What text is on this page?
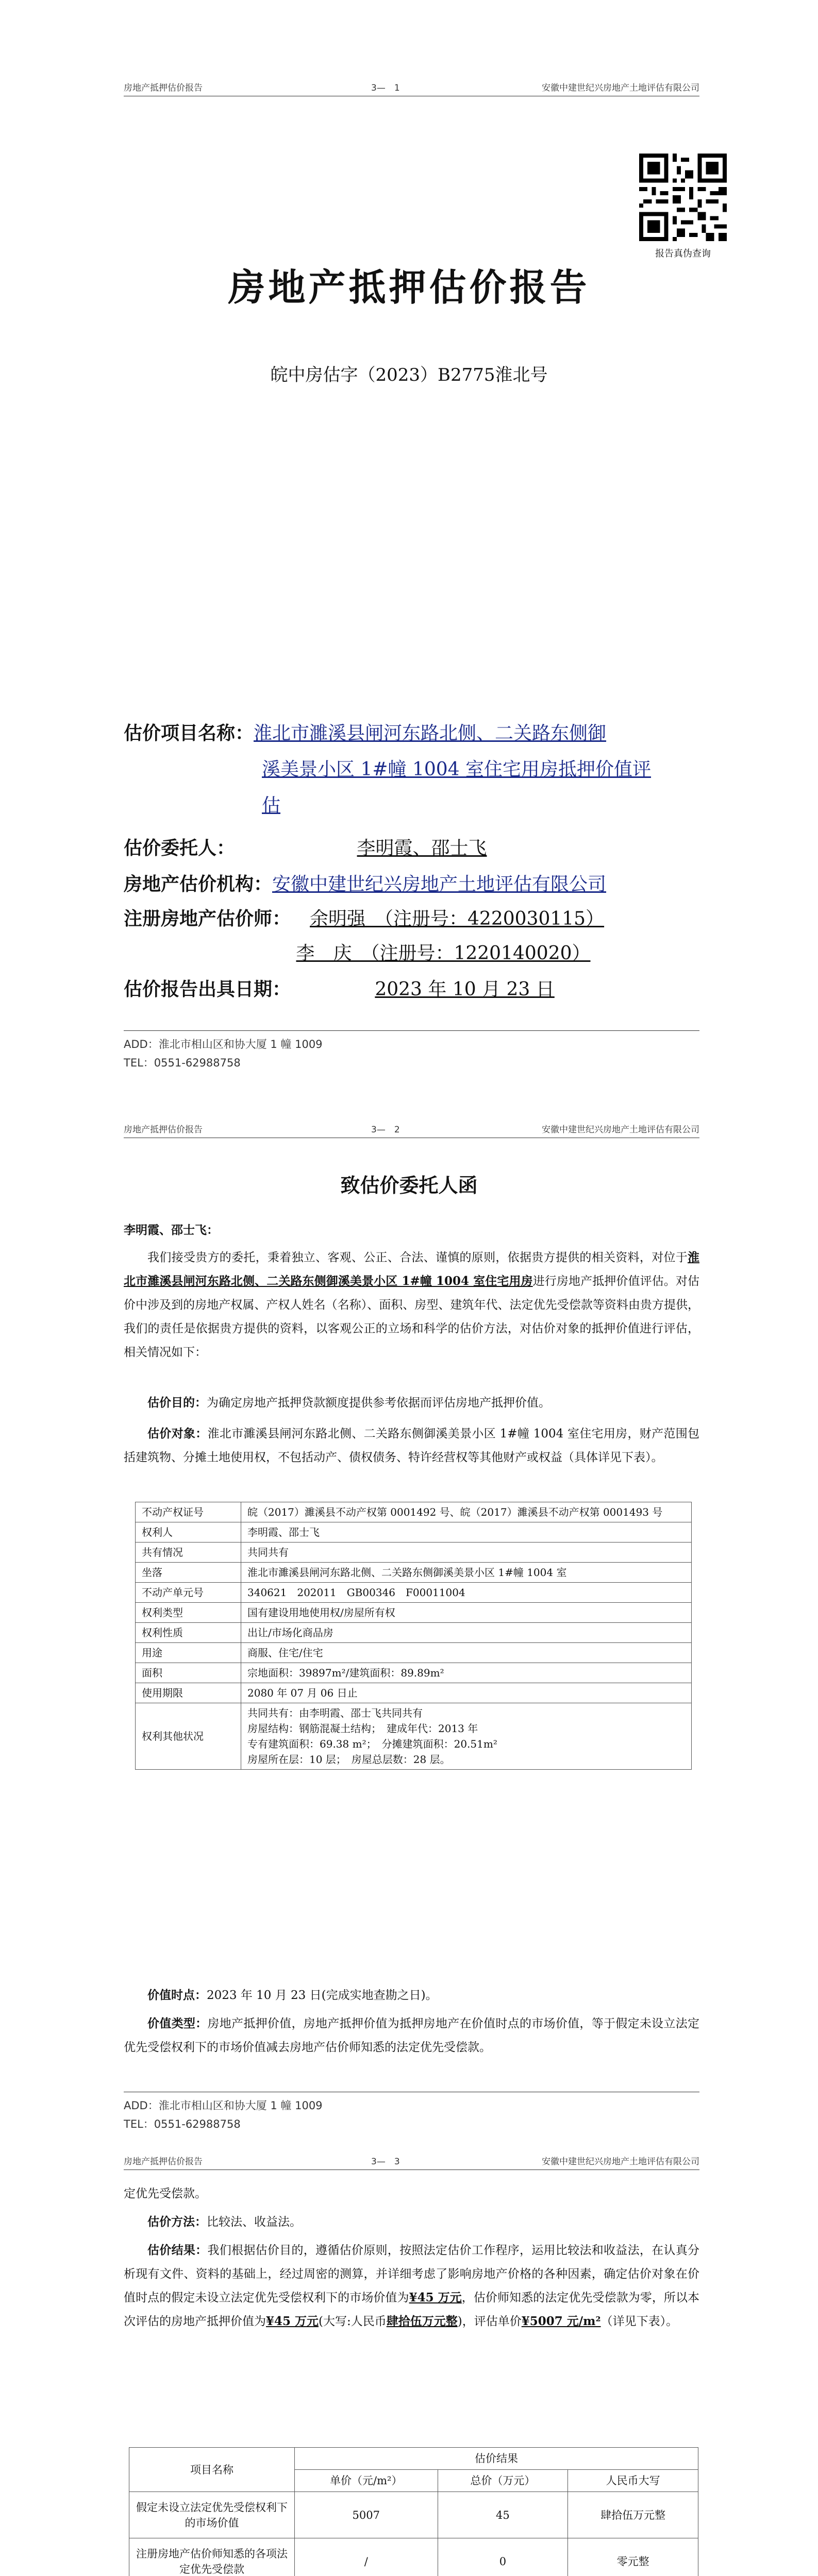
房地产抵押估价报告	3—　1	安徽中建世纪兴房地产土地评估有限公司
报告真伪查询
房地产抵押估价报告
皖中房估字（2023）B2775淮北号
估价项目名称：淮北市濉溪县闸河东路北侧、二关路东侧御
溪美景小区 1#幢 1004 室住宅用房抵押价值评
估
估价委托人：	李明霞、邵士飞
房地产估价机构：安徽中建世纪兴房地产土地评估有限公司
注册房地产估价师： 余明强　（注册号：4220030115）
李　庆　（注册号：1220140020）
估价报告出具日期：	2023 年 10 月 23 日
ADD：淮北市相山区和协大厦 1 幢 1009
TEL：0551-62988758
房地产抵押估价报告	3—　2	安徽中建世纪兴房地产土地评估有限公司
致估价委托人函
李明霞、邵士飞：
我们接受贵方的委托，秉着独立、客观、公正、合法、谨慎的原则，依据贵方提供的相关资料，对位于淮北市濉溪县闸河东路北侧、二关路东侧御溪美景小区 1#幢 1004 室住宅用房进行房地产抵押价值评估。对估价中涉及到的房地产权属、产权人姓名（名称）、面积、房型、建筑年代、法定优先受偿款等资料由贵方提供，我们的责任是依据贵方提供的资料，以客观公正的立场和科学的估价方法，对估价对象的抵押价值进行评估，相关情况如下：
估价目的：为确定房地产抵押贷款额度提供参考依据而评估房地产抵押价值。
估价对象：淮北市濉溪县闸河东路北侧、二关路东侧御溪美景小区 1#幢 1004 室住宅用房，财产范围包括建筑物、分摊土地使用权，不包括动产、债权债务、特许经营权等其他财产或权益（具体详见下表）。
不动产权证号	皖（2017）濉溪县不动产权第 0001492 号、皖（2017）濉溪县不动产权第 0001493 号
权利人	李明霞、邵士飞
共有情况	共同共有
坐落	淮北市濉溪县闸河东路北侧、二关路东侧御溪美景小区 1#幢 1004 室
不动产单元号	340621　202011　GB00346　F00011004
权利类型	国有建设用地使用权/房屋所有权
权利性质	出让/市场化商品房
用途	商服、住宅/住宅
面积	宗地面积：39897m²/建筑面积：89.89m²
使用期限	2080 年 07 月 06 日止
权利其他状况	共同共有：由李明霞、邵士飞共同共有
房屋结构：钢筋混凝土结构；　建成年代：2013 年
专有建筑面积：69.38 m²；　分摊建筑面积：20.51m²
房屋所在层：10 层；　房屋总层数：28 层。
价值时点：2023 年 10 月 23 日(完成实地查勘之日)。
价值类型：房地产抵押价值，房地产抵押价值为抵押房地产在价值时点的市场价值，等于假定未设立法定优先受偿权利下的市场价值减去房地产估价师知悉的法定优先受偿款。
ADD：淮北市相山区和协大厦 1 幢 1009
TEL：0551-62988758
房地产抵押估价报告	3—　3	安徽中建世纪兴房地产土地评估有限公司
定优先受偿款。
估价方法：比较法、收益法。
估价结果：我们根据估价目的，遵循估价原则，按照法定估价工作程序，运用比较法和收益法，在认真分析现有文件、资料的基础上，经过周密的测算，并详细考虑了影响房地产价格的各种因素，确定估价对象在价值时点的假定未设立法定优先受偿权利下的市场价值为¥45 万元，估价师知悉的法定优先受偿款为零，所以本次评估的房地产抵押价值为¥45 万元(大写:人民币肆拾伍万元整)，评估单价¥5007 元/m²（详见下表）。
项目名称	估价结果		
	单价（元/m²）	总价（万元）	人民币大写
假定未设立法定优先受偿权利下的市场价值	5007	45	肆拾伍万元整
注册房地产估价师知悉的各项法定优先受偿款	/	0	零元整
